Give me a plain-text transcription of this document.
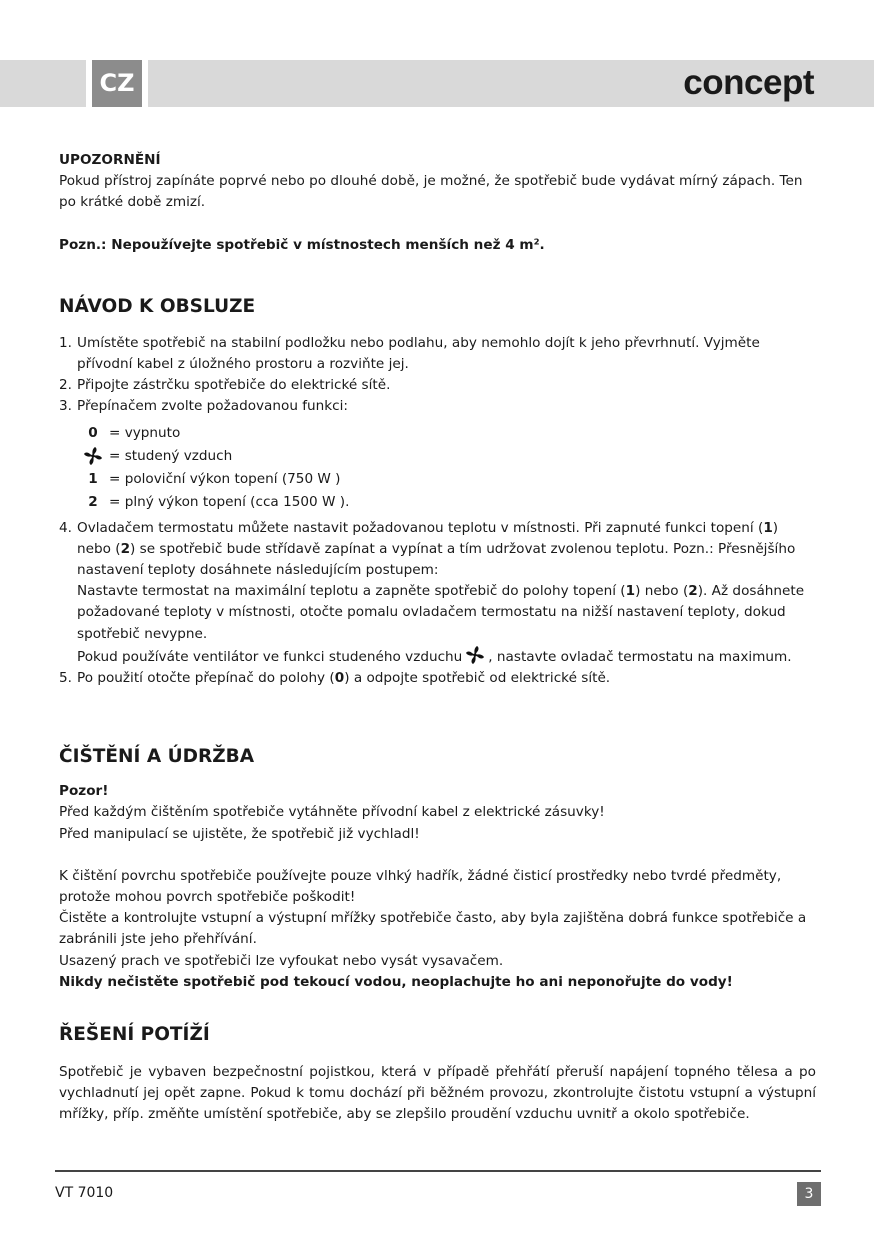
CZ	concept

UPOZORNĚNÍ

Pokud přístroj zapínáte poprvé nebo po dlouhé době, je možné, že spotřebič bude vydávat mírný zápach. Ten po krátké době zmizí.

Pozn.: Nepoužívejte spotřebič v místnostech menších než 4 m².

NÁVOD K OBSLUZE
1. Umístěte spotřebič na stabilní podložku nebo podlahu, aby nemohlo dojít k jeho převrhnutí. Vyjměte přívodní kabel z úložného prostoru a rozviňte jej.
2. Připojte zástrčku spotřebiče do elektrické sítě.
3. Přepínačem zvolte požadovanou funkci:
0 = vypnuto
= studený vzduch
1 = poloviční výkon topení (750 W )
2 = plný výkon topení (cca 1500 W ).
4. Ovladačem termostatu můžete nastavit požadovanou teplotu v místnosti. Při zapnuté funkci topení (1) nebo (2) se spotřebič bude střídavě zapínat a vypínat a tím udržovat zvolenou teplotu. Pozn.: Přesnějšího nastavení teploty dosáhnete následujícím postupem:

Nastavte termostat na maximální teplotu a zapněte spotřebič do polohy topení (1) nebo (2). Až dosáhnete požadované teploty v místnosti, otočte pomalu ovladačem termostatu na nižší nastavení teploty, dokud spotřebič nevypne.

Pokud používáte ventilátor ve funkci studeného vzduchu , nastavte ovladač termostatu na maximum.

5. Po použití otočte přepínač do polohy (0) a odpojte spotřebič od elektrické sítě.

ČIŠTĚNÍ A ÚDRŽBA

Pozor!

Před každým čištěním spotřebiče vytáhněte přívodní kabel z elektrické zásuvky!

Před manipulací se ujistěte, že spotřebič již vychladl!

K čištění povrchu spotřebiče používejte pouze vlhký hadřík, žádné čisticí prostředky nebo tvrdé předměty, protože mohou povrch spotřebiče poškodit!

Čistěte a kontrolujte vstupní a výstupní mřížky spotřebiče často, aby byla zajištěna dobrá funkce spotřebiče a zabránili jste jeho přehřívání.

Usazený prach ve spotřebiči lze vyfoukat nebo vysát vysavačem.

Nikdy nečistěte spotřebič pod tekoucí vodou, neoplachujte ho ani neponořujte do vody!

ŘEŠENÍ POTÍŽÍ

Spotřebič je vybaven bezpečnostní pojistkou, která v případě přehřátí přeruší napájení topného tělesa a po vychladnutí jej opět zapne. Pokud k tomu dochází při běžném provozu, zkontrolujte čistotu vstupní a výstupní mřížky, příp. změňte umístění spotřebiče, aby se zlepšilo proudění vzduchu uvnitř a okolo spotřebiče.

VT 7010	3
